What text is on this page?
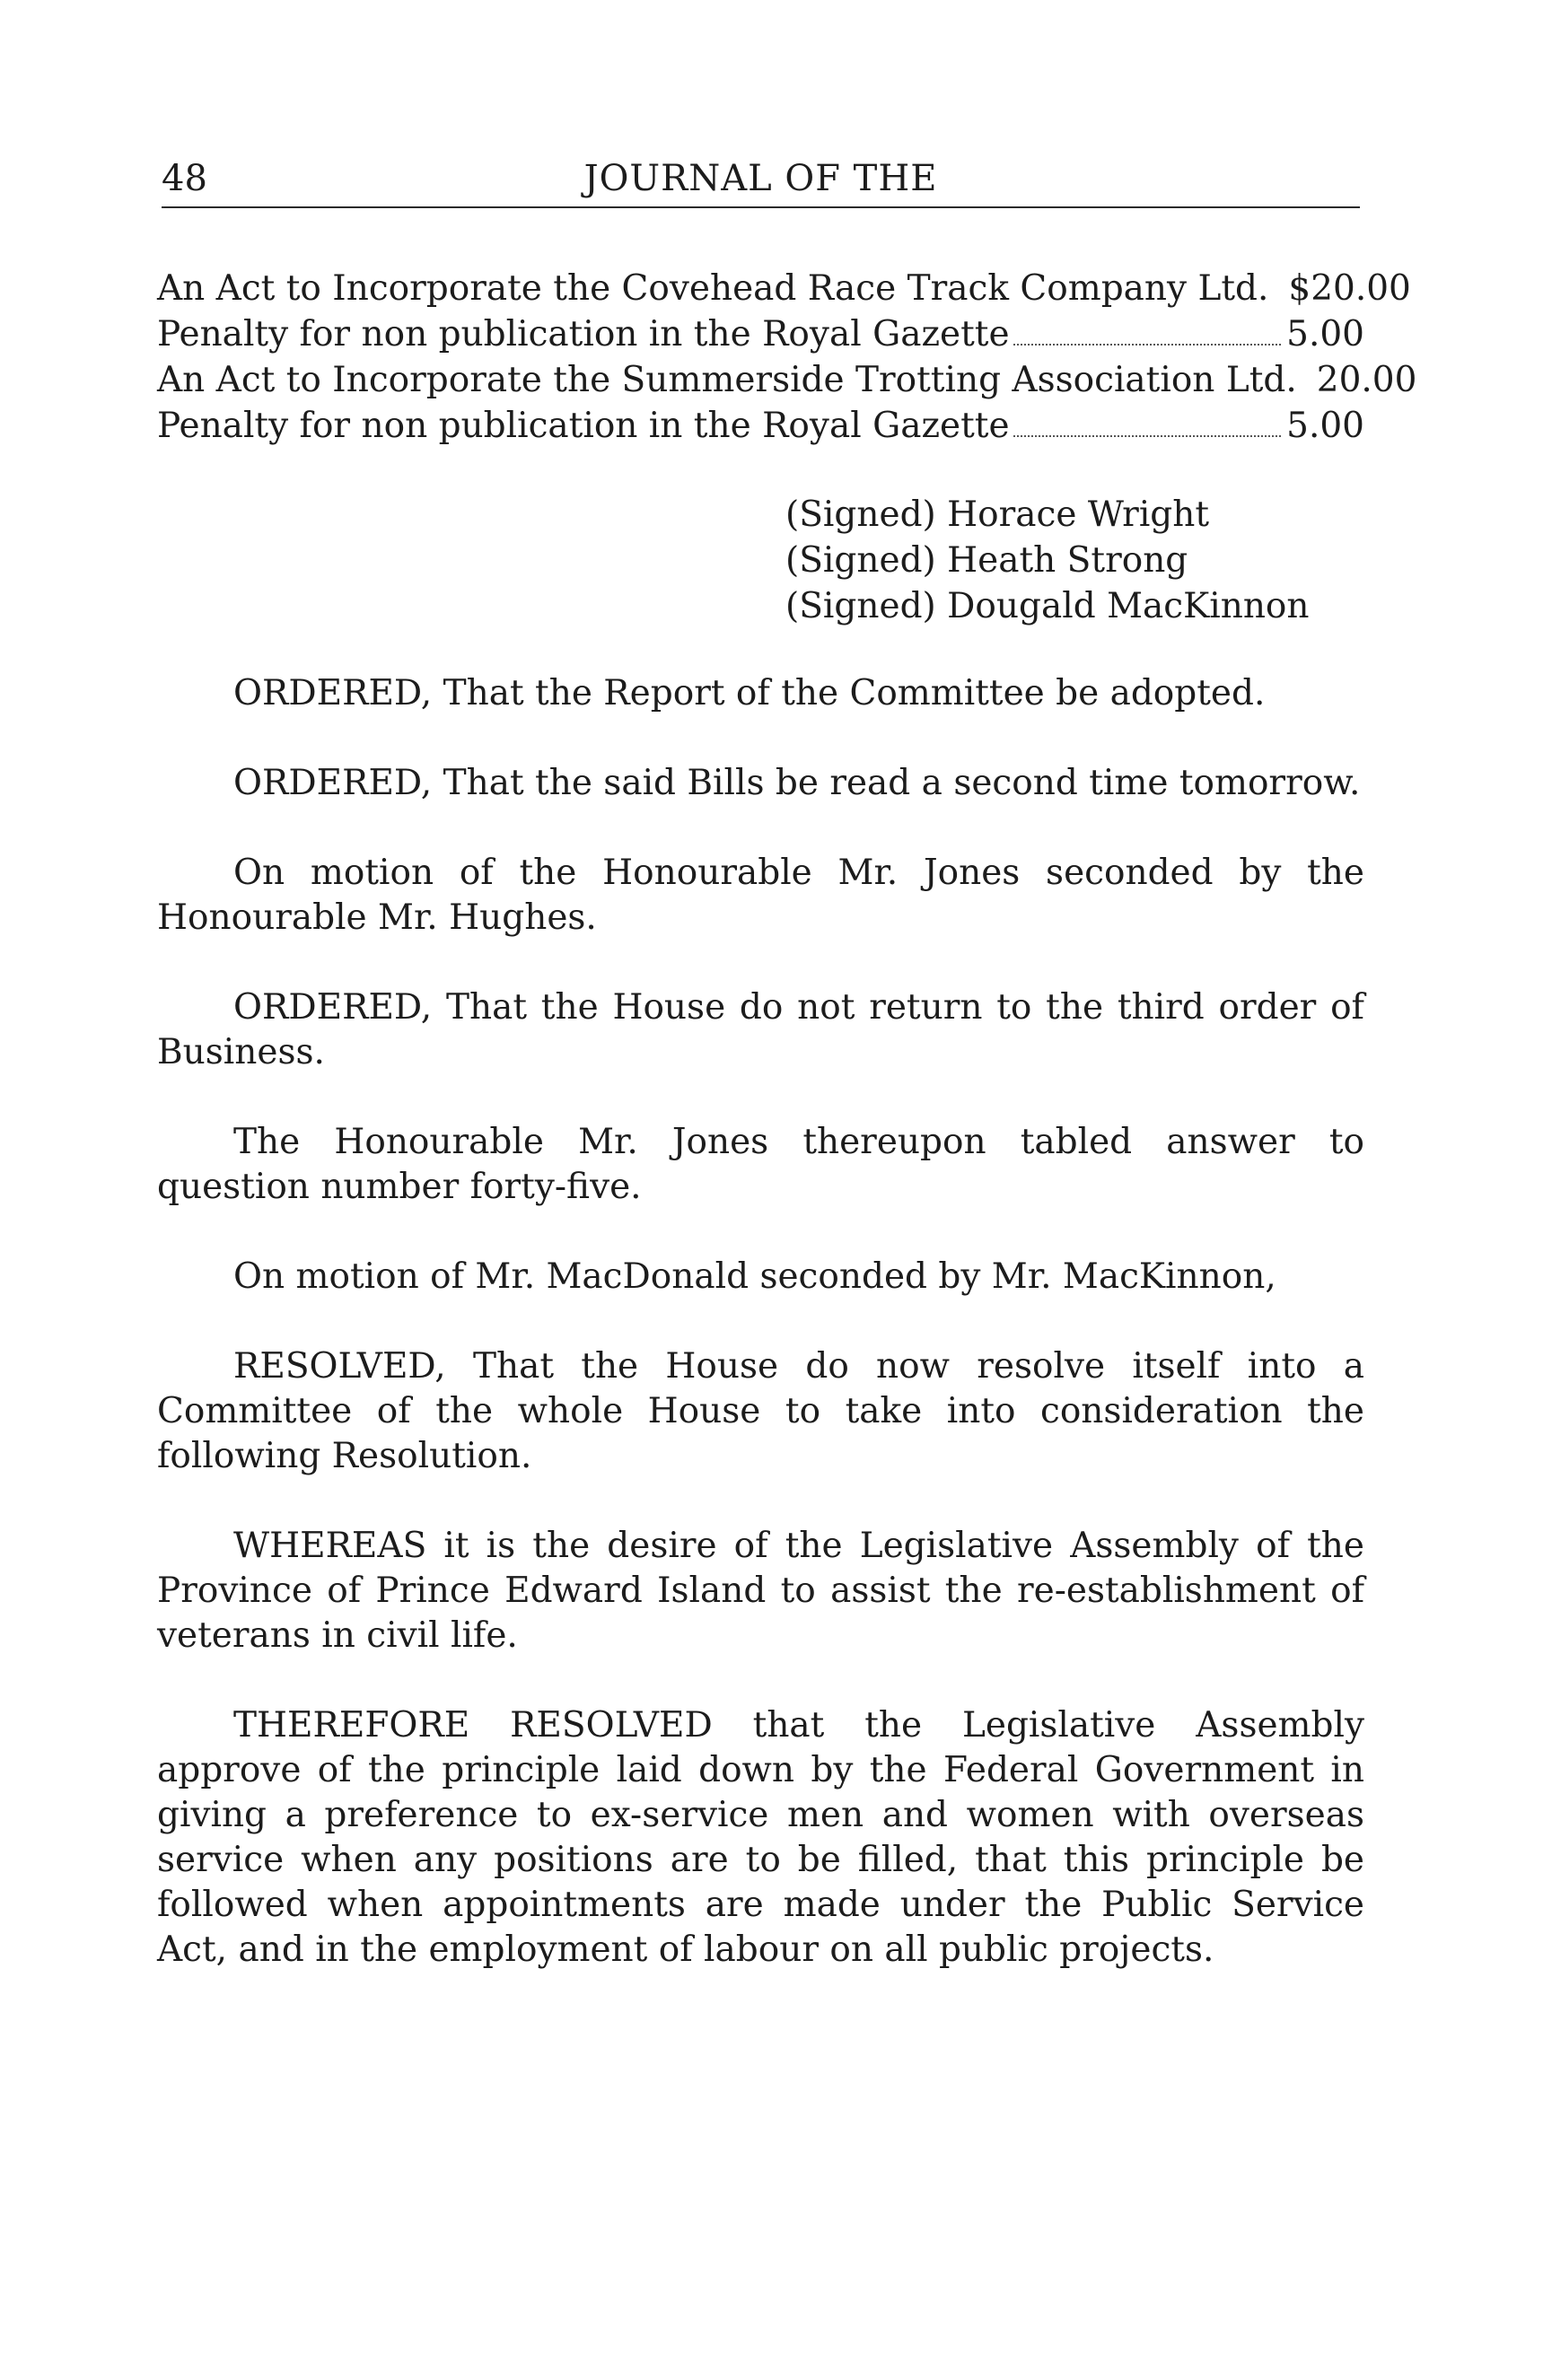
48	JOURNAL OF THE
An Act to Incorporate the Covehead Race Track Company Ltd. $20.00
Penalty for non publication in the Royal Gazette	5.00
An Act to Incorporate the Summerside Trotting Association Ltd. 20.00
Penalty for non publication in the Royal Gazette	5.00
(Signed) Horace Wright
(Signed) Heath Strong
(Signed) Dougald MacKinnon

ORDERED, That the Report of the Committee be adopted.

ORDERED, That the said Bills be read a second time tomorrow.

On motion of the Honourable Mr. Jones seconded by the Honourable Mr. Hughes.

ORDERED, That the House do not return to the third order of Business.

The Honourable Mr. Jones thereupon tabled answer to question number forty-five.

On motion of Mr. MacDonald seconded by Mr. MacKinnon,

RESOLVED, That the House do now resolve itself into a Committee of the whole House to take into consideration the following Resolution.

WHEREAS it is the desire of the Legislative Assembly of the Province of Prince Edward Island to assist the re-establishment of veterans in civil life.

THEREFORE RESOLVED that the Legislative Assembly approve of the principle laid down by the Federal Government in giving a preference to ex-service men and women with overseas service when any positions are to be filled, that this principle be followed when appointments are made under the Public Service Act, and in the employment of labour on all public projects.
